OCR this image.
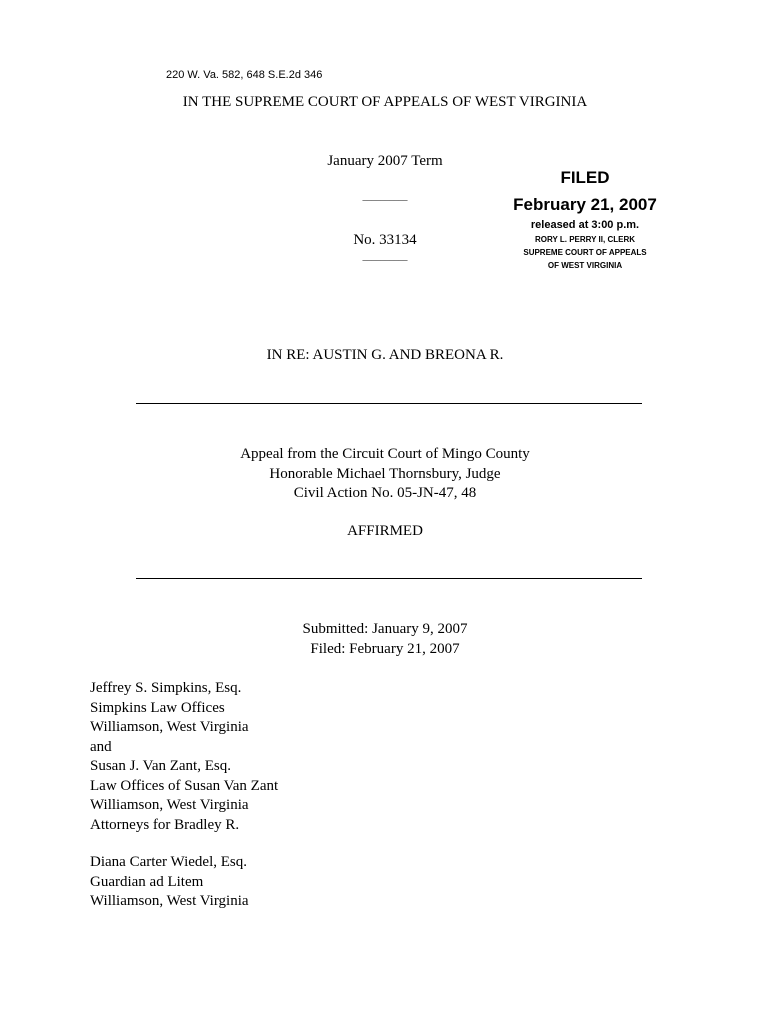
220 W. Va. 582, 648 S.E.2d 346
IN THE SUPREME COURT OF APPEALS OF WEST VIRGINIA
January 2007 Term
__________
No. 33134
__________
FILED
February 21, 2007
released at 3:00 p.m.
RORY L. PERRY II, CLERK
SUPREME COURT OF APPEALS
OF WEST VIRGINIA
IN RE: AUSTIN G. AND BREONA R.
Appeal from the Circuit Court of Mingo County
Honorable Michael Thornsbury, Judge
Civil Action No. 05-JN-47, 48
AFFIRMED
Submitted: January 9, 2007
Filed: February 21, 2007
Jeffrey S. Simpkins, Esq.
Simpkins Law Offices
Williamson, West Virginia
and
Susan J. Van Zant, Esq.
Law Offices of Susan Van Zant
Williamson, West Virginia
Attorneys for Bradley R.
Diana Carter Wiedel, Esq.
Guardian ad Litem
Williamson, West Virginia
